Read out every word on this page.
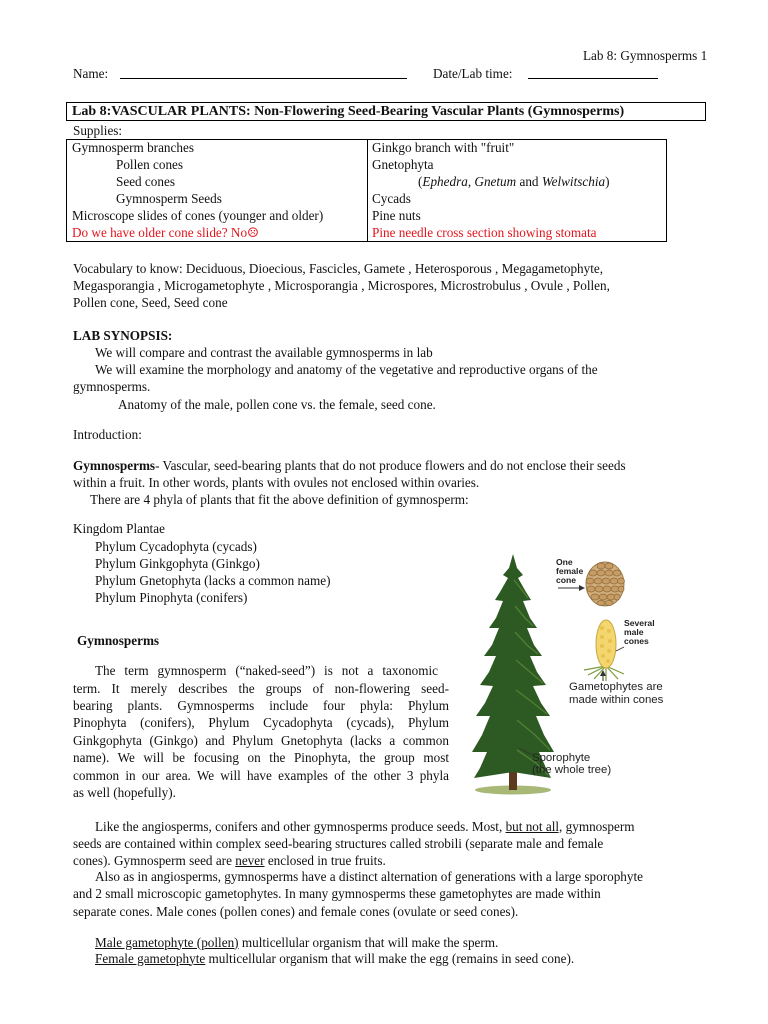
Lab 8: Gymnosperms 1
Name:	Date/Lab time:
Lab 8:VASCULAR PLANTS: Non-Flowering Seed-Bearing Vascular Plants (Gymnosperms)
Supplies:
Gymnosperm branches
Pollen cones
Seed cones
Gymnosperm Seeds
Microscope slides of cones (younger and older)
Do we have older cone slide? No☹
Ginkgo branch with "fruit"
Gnetophyta
(Ephedra, Gnetum and Welwitschia)
Cycads
Pine nuts
Pine needle cross section showing stomata
Vocabulary to know: Deciduous, Dioecious, Fascicles, Gamete , Heterosporous , Megagametophyte,
Megasporangia , Microgametophyte , Microsporangia , Microspores, Microstrobulus , Ovule , Pollen,
Pollen cone, Seed, Seed cone
LAB SYNOPSIS:
We will compare and contrast the available gymnosperms in lab
We will examine the morphology and anatomy of the vegetative and reproductive organs of the
gymnosperms.
Anatomy of the male, pollen cone vs. the female, seed cone.
Introduction:
Gymnosperms- Vascular, seed-bearing plants that do not produce flowers and do not enclose their seeds
within a fruit. In other words, plants with ovules not enclosed within ovaries.
There are 4 phyla of plants that fit the above definition of gymnosperm:
Kingdom Plantae
Phylum Cycadophyta (cycads)
Phylum Ginkgophyta (Ginkgo)
Phylum Gnetophyta (lacks a common name)
Phylum Pinophyta (conifers)
Gymnosperms
The term gymnosperm (“naked-seed”) is not a taxonomic
term. It merely describes the groups of non-flowering seed-
bearing plants. Gymnosperms include four phyla: Phylum
Pinophyta (conifers), Phylum Cycadophyta (cycads), Phylum
Ginkgophyta (Ginkgo) and Phylum Gnetophyta (lacks a common
name). We will be focusing on the Pinophyta, the group most
common in our area. We will have examples of the other 3 phyla
as well (hopefully).
One
female
cone
Several
male
cones
Gametophytes are
made within cones
Sporophyte
(the whole tree)
Like the angiosperms, conifers and other gymnosperms produce seeds. Most, but not all, gymnosperm
seeds are contained within complex seed-bearing structures called strobili (separate male and female
cones). Gymnosperm seed are never enclosed in true fruits.
Also as in angiosperms, gymnosperms have a distinct alternation of generations with a large sporophyte
and 2 small microscopic gametophytes. In many gymnosperms these gametophytes are made within
separate cones. Male cones (pollen cones) and female cones (ovulate or seed cones).
Male gametophyte (pollen) multicellular organism that will make the sperm.
Female gametophyte multicellular organism that will make the egg (remains in seed cone).
